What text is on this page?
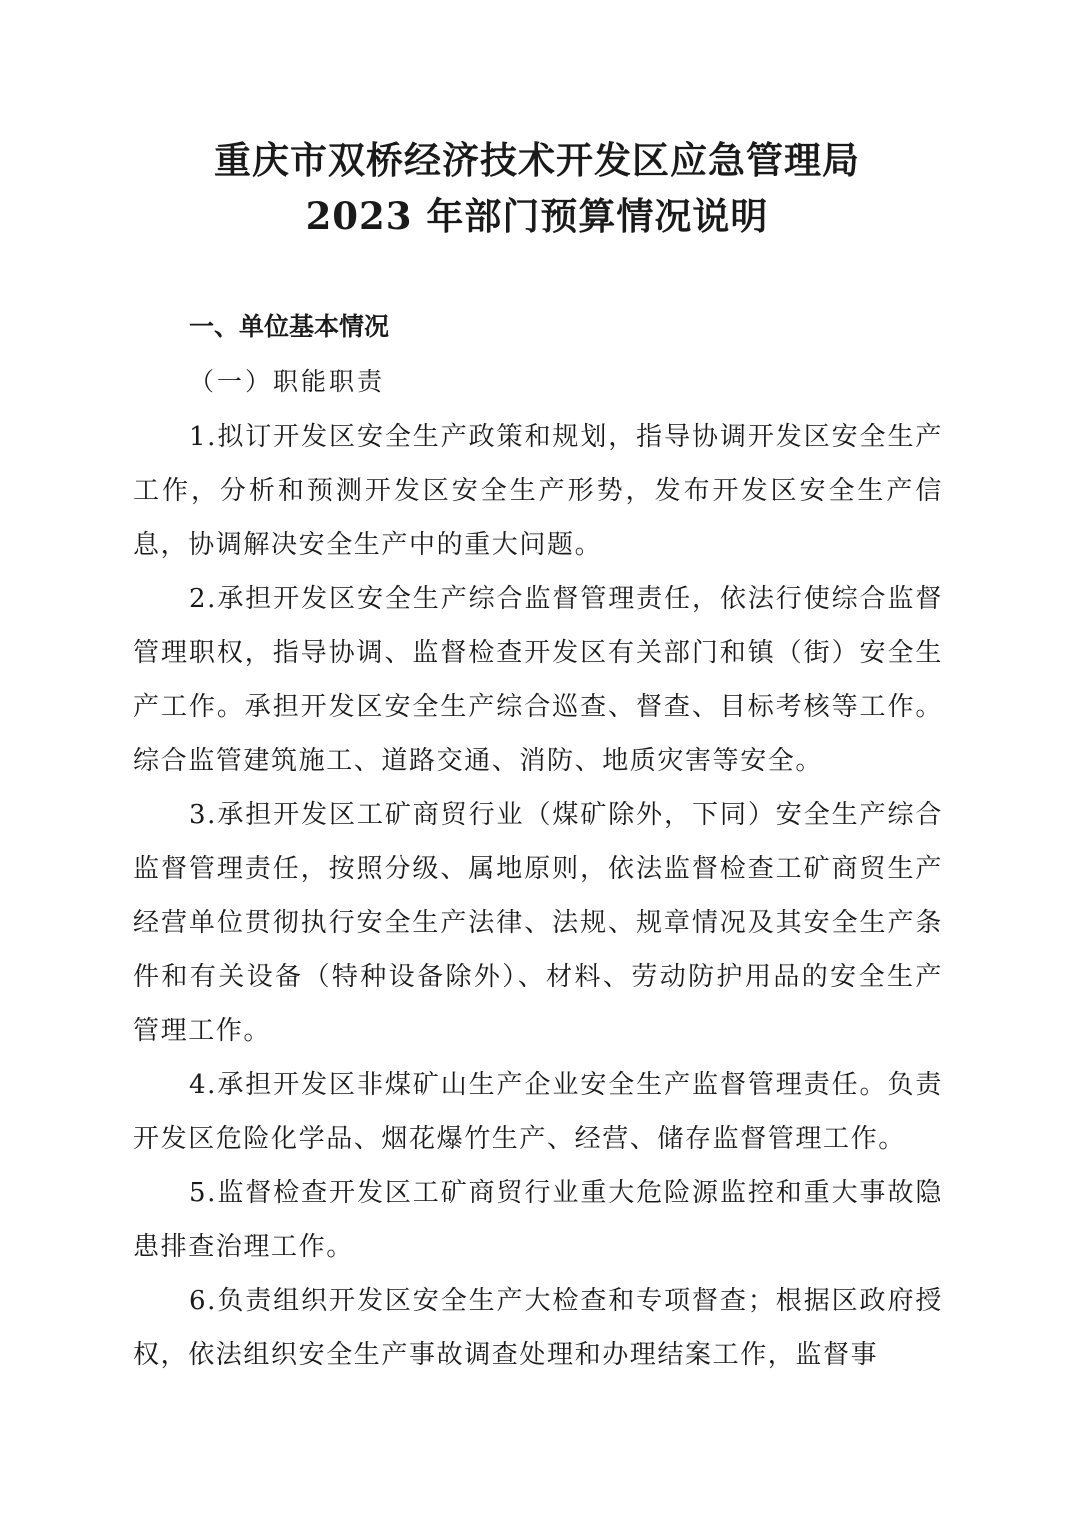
重庆市双桥经济技术开发区应急管理局
2023 年部门预算情况说明
一、单位基本情况
（一）职能职责

1.拟订开发区安全生产政策和规划，指导协调开发区安全生产工作，分析和预测开发区安全生产形势，发布开发区安全生产信息，协调解决安全生产中的重大问题。

2.承担开发区安全生产综合监督管理责任，依法行使综合监督管理职权，指导协调、监督检查开发区有关部门和镇（街）安全生产工作。承担开发区安全生产综合巡查、督查、目标考核等工作。综合监管建筑施工、道路交通、消防、地质灾害等安全。

3.承担开发区工矿商贸行业（煤矿除外，下同）安全生产综合监督管理责任，按照分级、属地原则，依法监督检查工矿商贸生产经营单位贯彻执行安全生产法律、法规、规章情况及其安全生产条件和有关设备（特种设备除外）、材料、劳动防护用品的安全生产管理工作。

4.承担开发区非煤矿山生产企业安全生产监督管理责任。负责开发区危险化学品、烟花爆竹生产、经营、储存监督管理工作。

5.监督检查开发区工矿商贸行业重大危险源监控和重大事故隐患排查治理工作。

6.负责组织开发区安全生产大检查和专项督查；根据区政府授权，依法组织安全生产事故调查处理和办理结案工作，监督事
